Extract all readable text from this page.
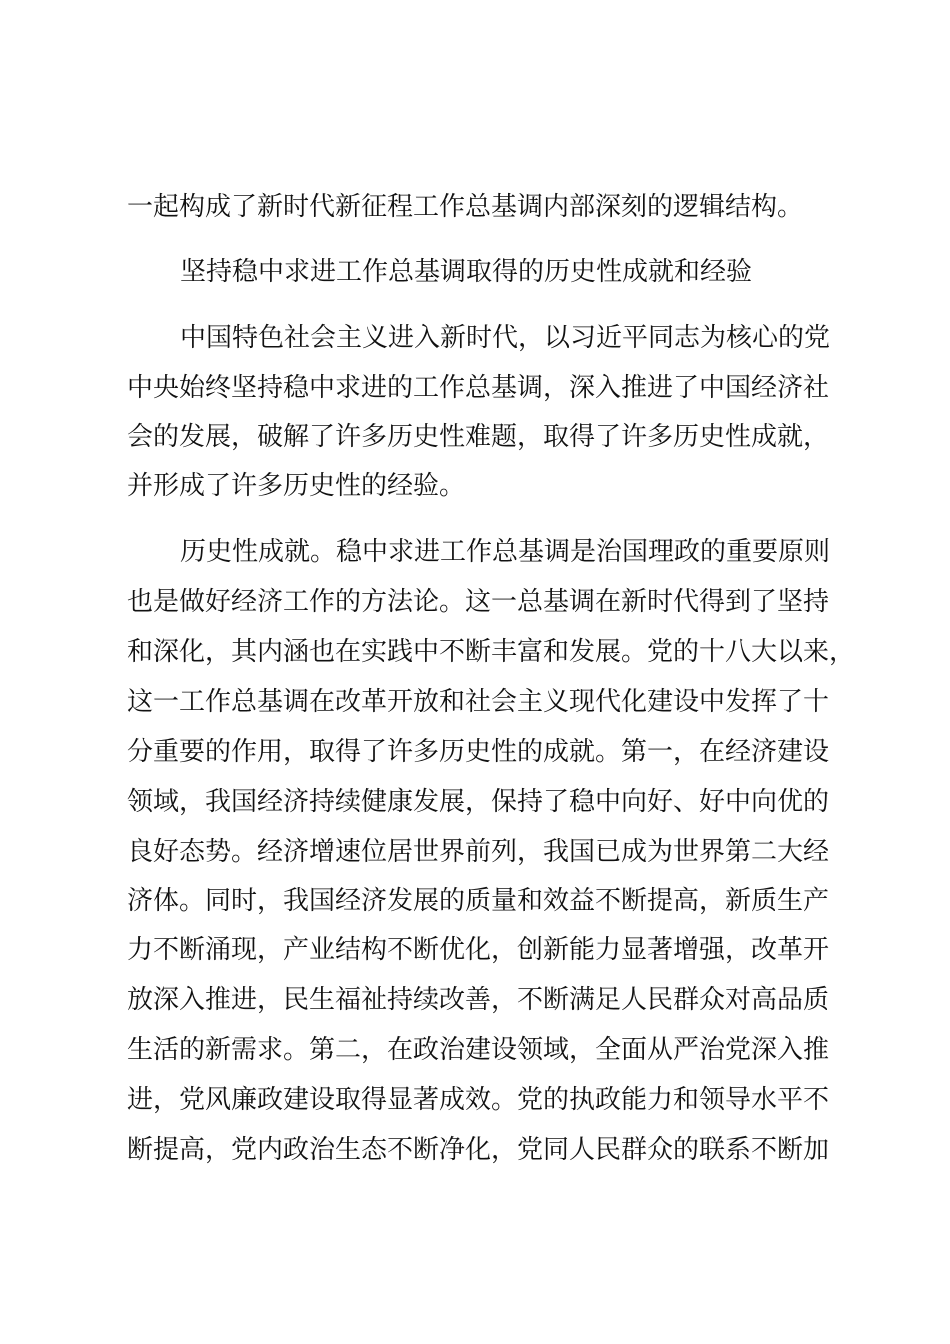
一起构成了新时代新征程工作总基调内部深刻的逻辑结构。

坚持稳中求进工作总基调取得的历史性成就和经验

中国特色社会主义进入新时代，以习近平同志为核心的党

中央始终坚持稳中求进的工作总基调，深入推进了中国经济社

会的发展，破解了许多历史性难题，取得了许多历史性成就，

并形成了许多历史性的经验。

历史性成就。稳中求进工作总基调是治国理政的重要原则

也是做好经济工作的方法论。这一总基调在新时代得到了坚持

和深化，其内涵也在实践中不断丰富和发展。党的十八大以来，

这一工作总基调在改革开放和社会主义现代化建设中发挥了十

分重要的作用，取得了许多历史性的成就。第一，在经济建设

领域，我国经济持续健康发展，保持了稳中向好、好中向优的

良好态势。经济增速位居世界前列，我国已成为世界第二大经

济体。同时，我国经济发展的质量和效益不断提高，新质生产

力不断涌现，产业结构不断优化，创新能力显著增强，改革开

放深入推进，民生福祉持续改善，不断满足人民群众对高品质

生活的新需求。第二，在政治建设领域，全面从严治党深入推

进，党风廉政建设取得显著成效。党的执政能力和领导水平不

断提高，党内政治生态不断净化，党同人民群众的联系不断加
